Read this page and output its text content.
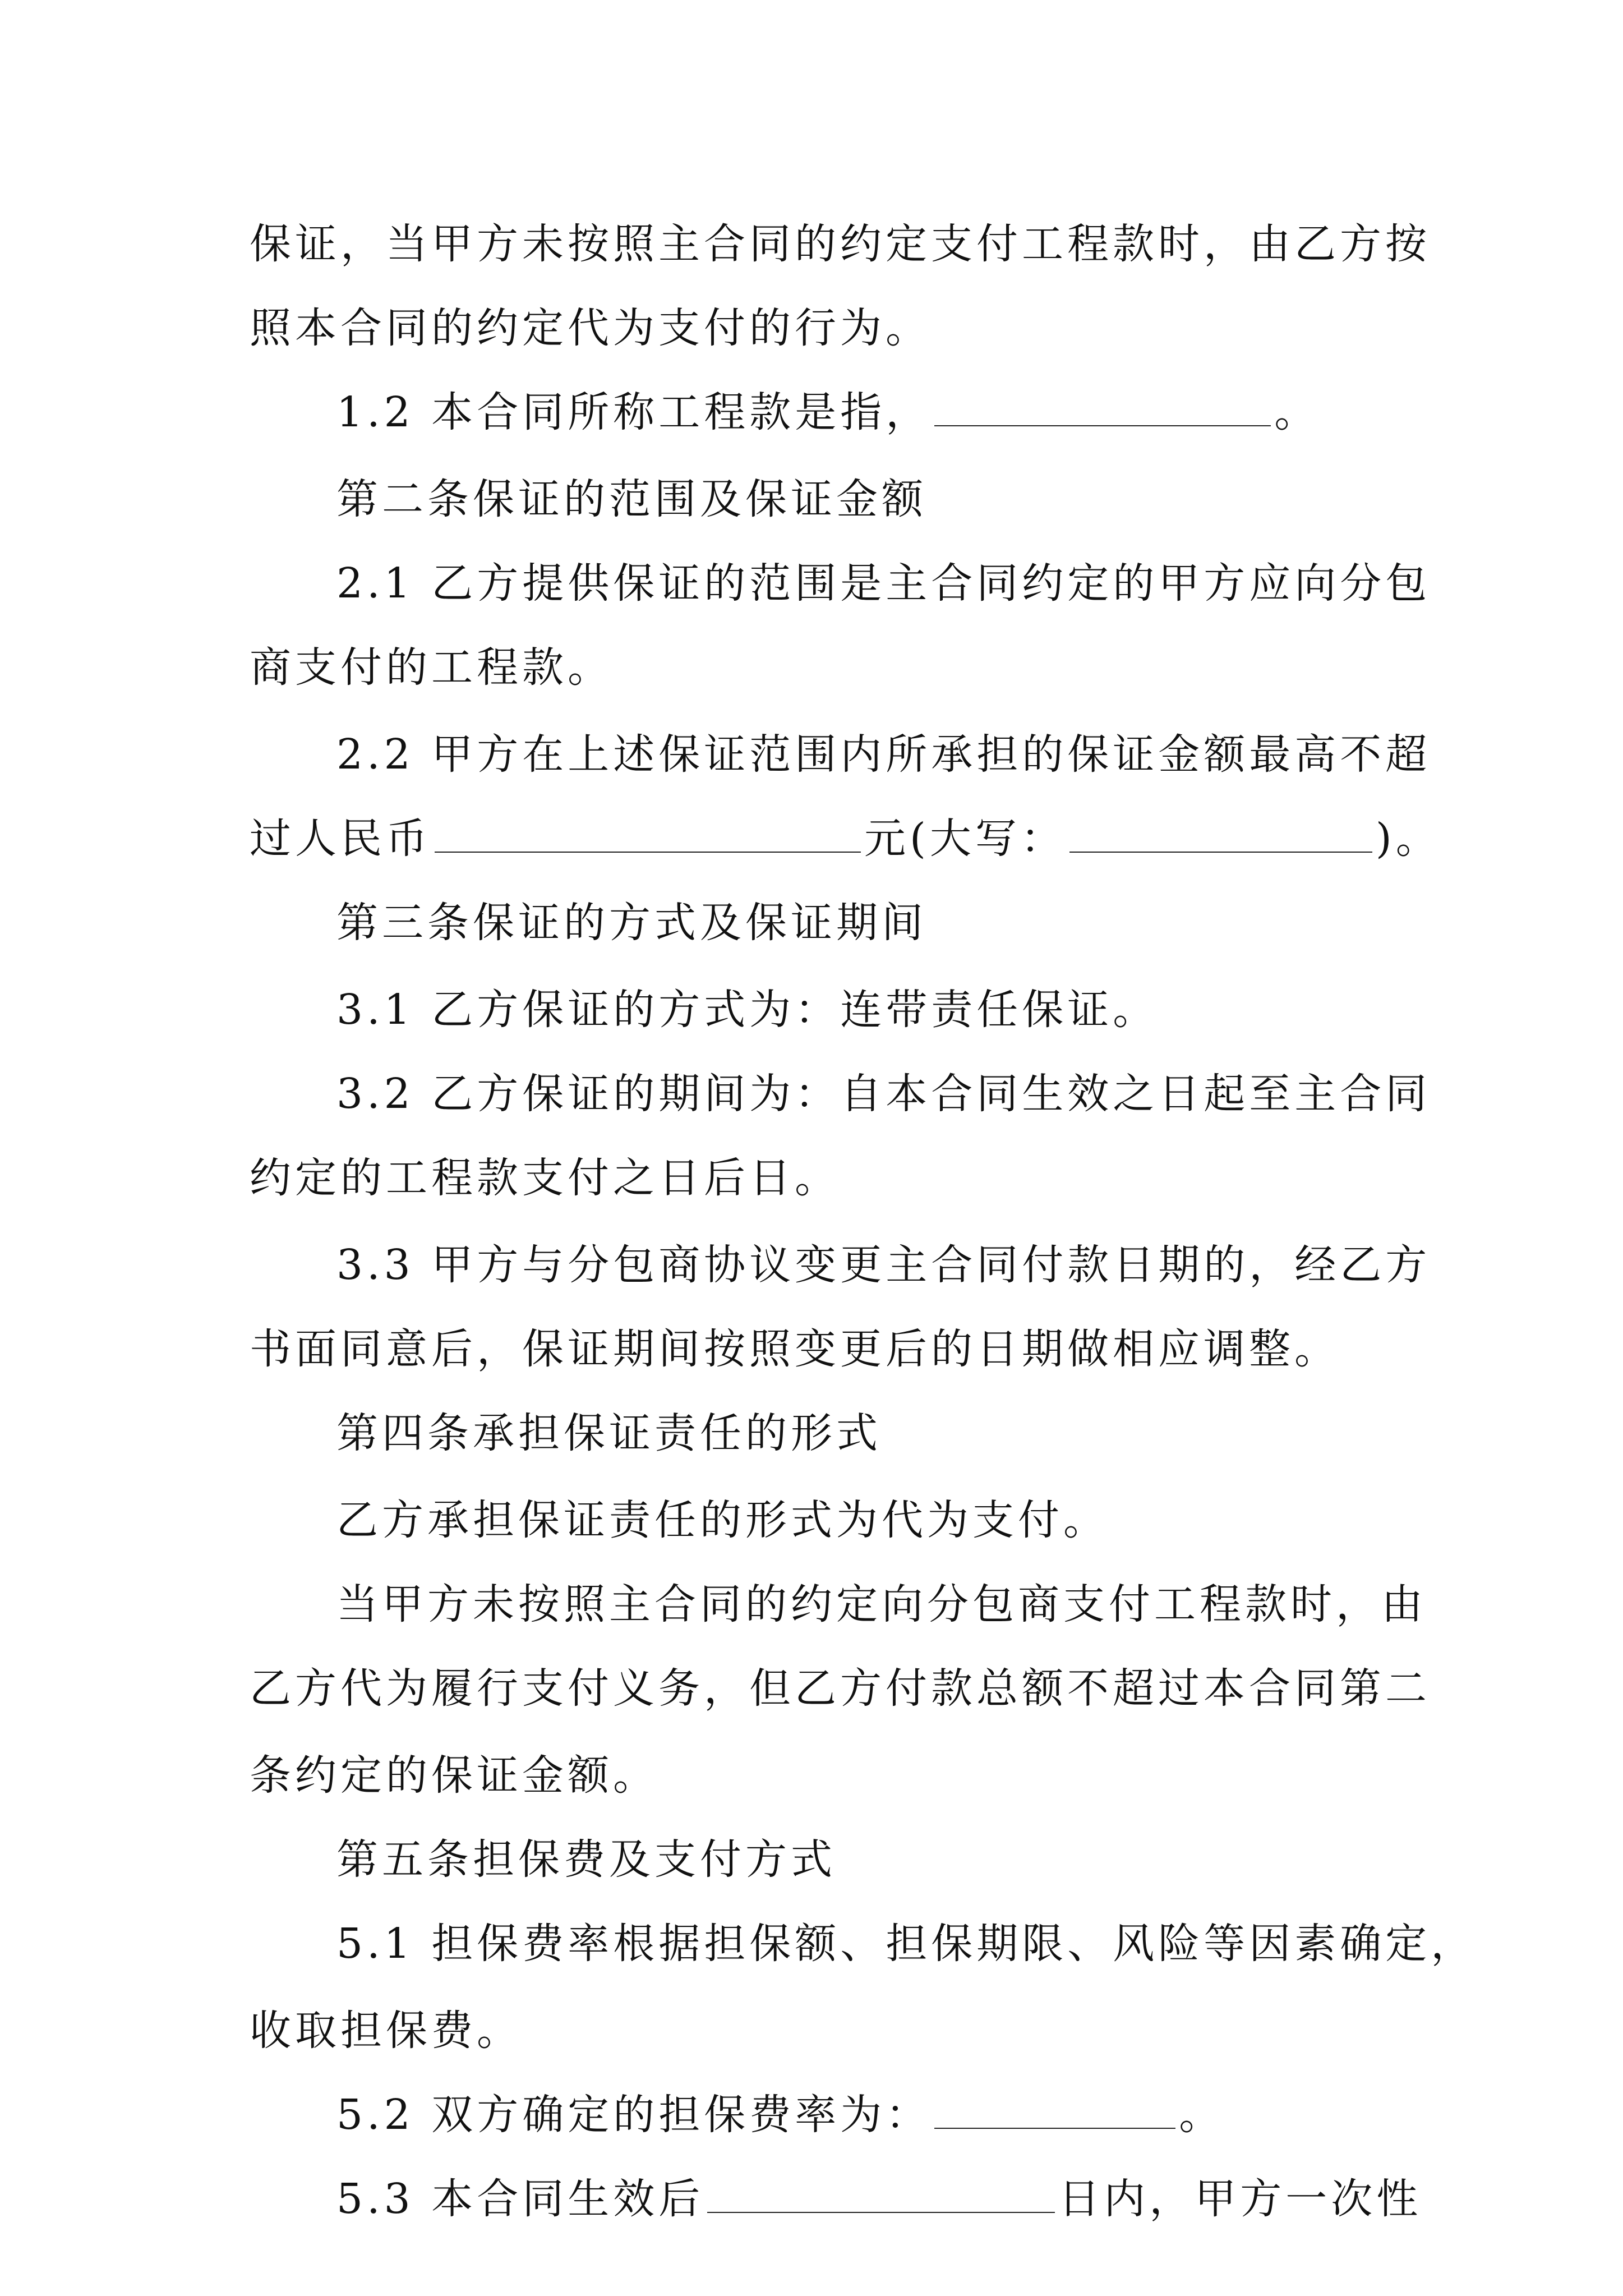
保证，当甲方未按照主合同的约定支付工程款时，由乙方按
照本合同的约定代为支付的行为。
1.2 本合同所称工程款是指，	。
第二条保证的范围及保证金额
2.1 乙方提供保证的范围是主合同约定的甲方应向分包
商支付的工程款。
2.2 甲方在上述保证范围内所承担的保证金额最高不超
过人民币	元(大写：	)。
第三条保证的方式及保证期间
3.1 乙方保证的方式为：连带责任保证。
3.2 乙方保证的期间为：自本合同生效之日起至主合同
约定的工程款支付之日后日。
3.3 甲方与分包商协议变更主合同付款日期的，经乙方
书面同意后，保证期间按照变更后的日期做相应调整。
第四条承担保证责任的形式
乙方承担保证责任的形式为代为支付。
当甲方未按照主合同的约定向分包商支付工程款时，由
乙方代为履行支付义务，但乙方付款总额不超过本合同第二
条约定的保证金额。
第五条担保费及支付方式
5.1 担保费率根据担保额、担保期限、风险等因素确定，
收取担保费。
5.2 双方确定的担保费率为：	。
5.3 本合同生效后	日内，甲方一次性
